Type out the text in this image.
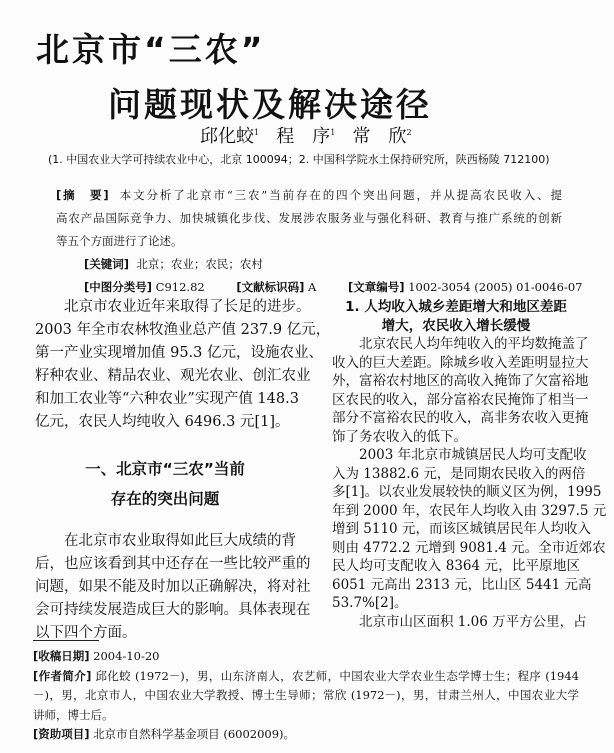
北京市“三农”
问题现状及解决途径
邱化蛟$^1$ 程　序$^1$ 常　欣$^2$
(1. 中国农业大学可持续农业中心，北京 100094；2. 中国科学院水土保持研究所，陕西杨陵 712100)
[摘　要] 本文分析了北京市“三农”当前存在的四个突出问题，并从提高农民收入、提
高农产品国际竞争力、加快城镇化步伐、发展涉农服务业与强化科研、教育与推广系统的创新
等五个方面进行了论述。
[关键词] 北京；农业；农民；农村
[中图分类号] C912.82	[文献标识码] A	[文章编号] 1002-3054 (2005) 01-0046-07
北京市农业近年来取得了长足的进步。
2003 年全市农林牧渔业总产值 237.9 亿元，
第一产业实现增加值 95.3 亿元，设施农业、
籽种农业、精品农业、观光农业、创汇农业
和加工农业等“六种农业”实现产值 148.3
亿元，农民人均纯收入 6496.3 元[1]。
一、北京市“三农”当前
存在的突出问题
在北京市农业取得如此巨大成绩的背
后，也应该看到其中还存在一些比较严重的
问题，如果不能及时加以正确解决，将对社
会可持续发展造成巨大的影响。具体表现在
以下四个方面。
1. 人均收入城乡差距增大和地区差距
增大，农民收入增长缓慢
北京农民人均年纯收入的平均数掩盖了
收入的巨大差距。除城乡收入差距明显拉大
外，富裕农村地区的高收入掩饰了欠富裕地
区农民的收入，部分富裕农民掩饰了相当一
部分不富裕农民的收入，高非务农收入更掩
饰了务农收入的低下。
2003 年北京市城镇居民人均可支配收
入为 13882.6 元，是同期农民收入的两倍
多[1]。以农业发展较快的顺义区为例，1995
年到 2000 年，农民年人均收入由 3297.5 元
增到 5110 元，而该区城镇居民年人均收入
则由 4772.2 元增到 9081.4 元。全市近郊农
民人均可支配收入 8364 元，比平原地区
6051 元高出 2313 元，比山区 5441 元高
53.7%[2]。
北京市山区面积 1.06 万平方公里，占
[收稿日期] 2004-10-20
[作者简介] 邱化蛟 (1972－)，男，山东济南人，农艺师，中国农业大学农业生态学博士生；程序 (1944
－)，男，北京市人，中国农业大学教授、博士生导师；常欣 (1972－)，男，甘肃兰州人，中国农业大学
讲师，博士后。
[资助项目] 北京市自然科学基金项目 (6002009)。
